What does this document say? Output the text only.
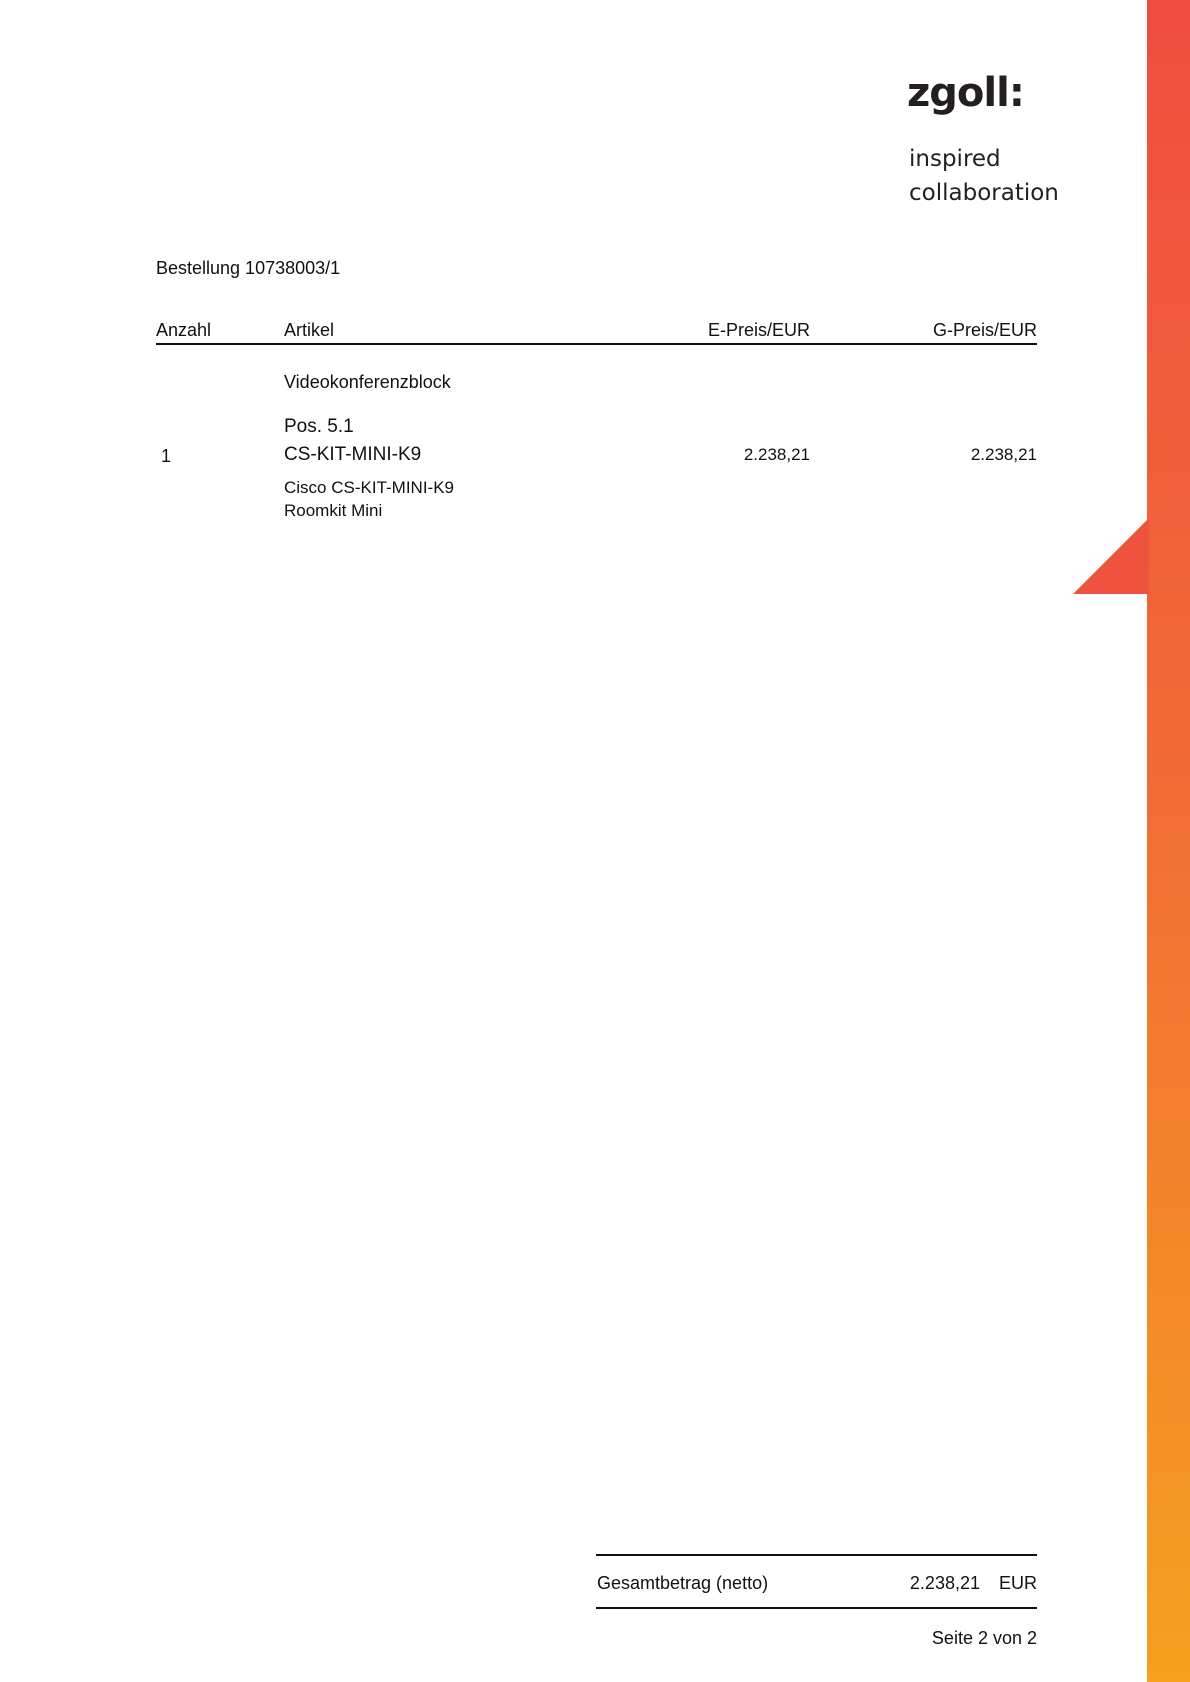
zgoll:
inspired
collaboration
Bestellung 10738003/1
Anzahl	Artikel	E-Preis/EUR	G-Preis/EUR
Videokonferenzblock
Pos. 5.1
1	CS-KIT-MINI-K9	2.238,21	2.238,21
Cisco CS-KIT-MINI-K9
Roomkit Mini
Gesamtbetrag (netto)	2.238,21 EUR
Seite 2 von 2
